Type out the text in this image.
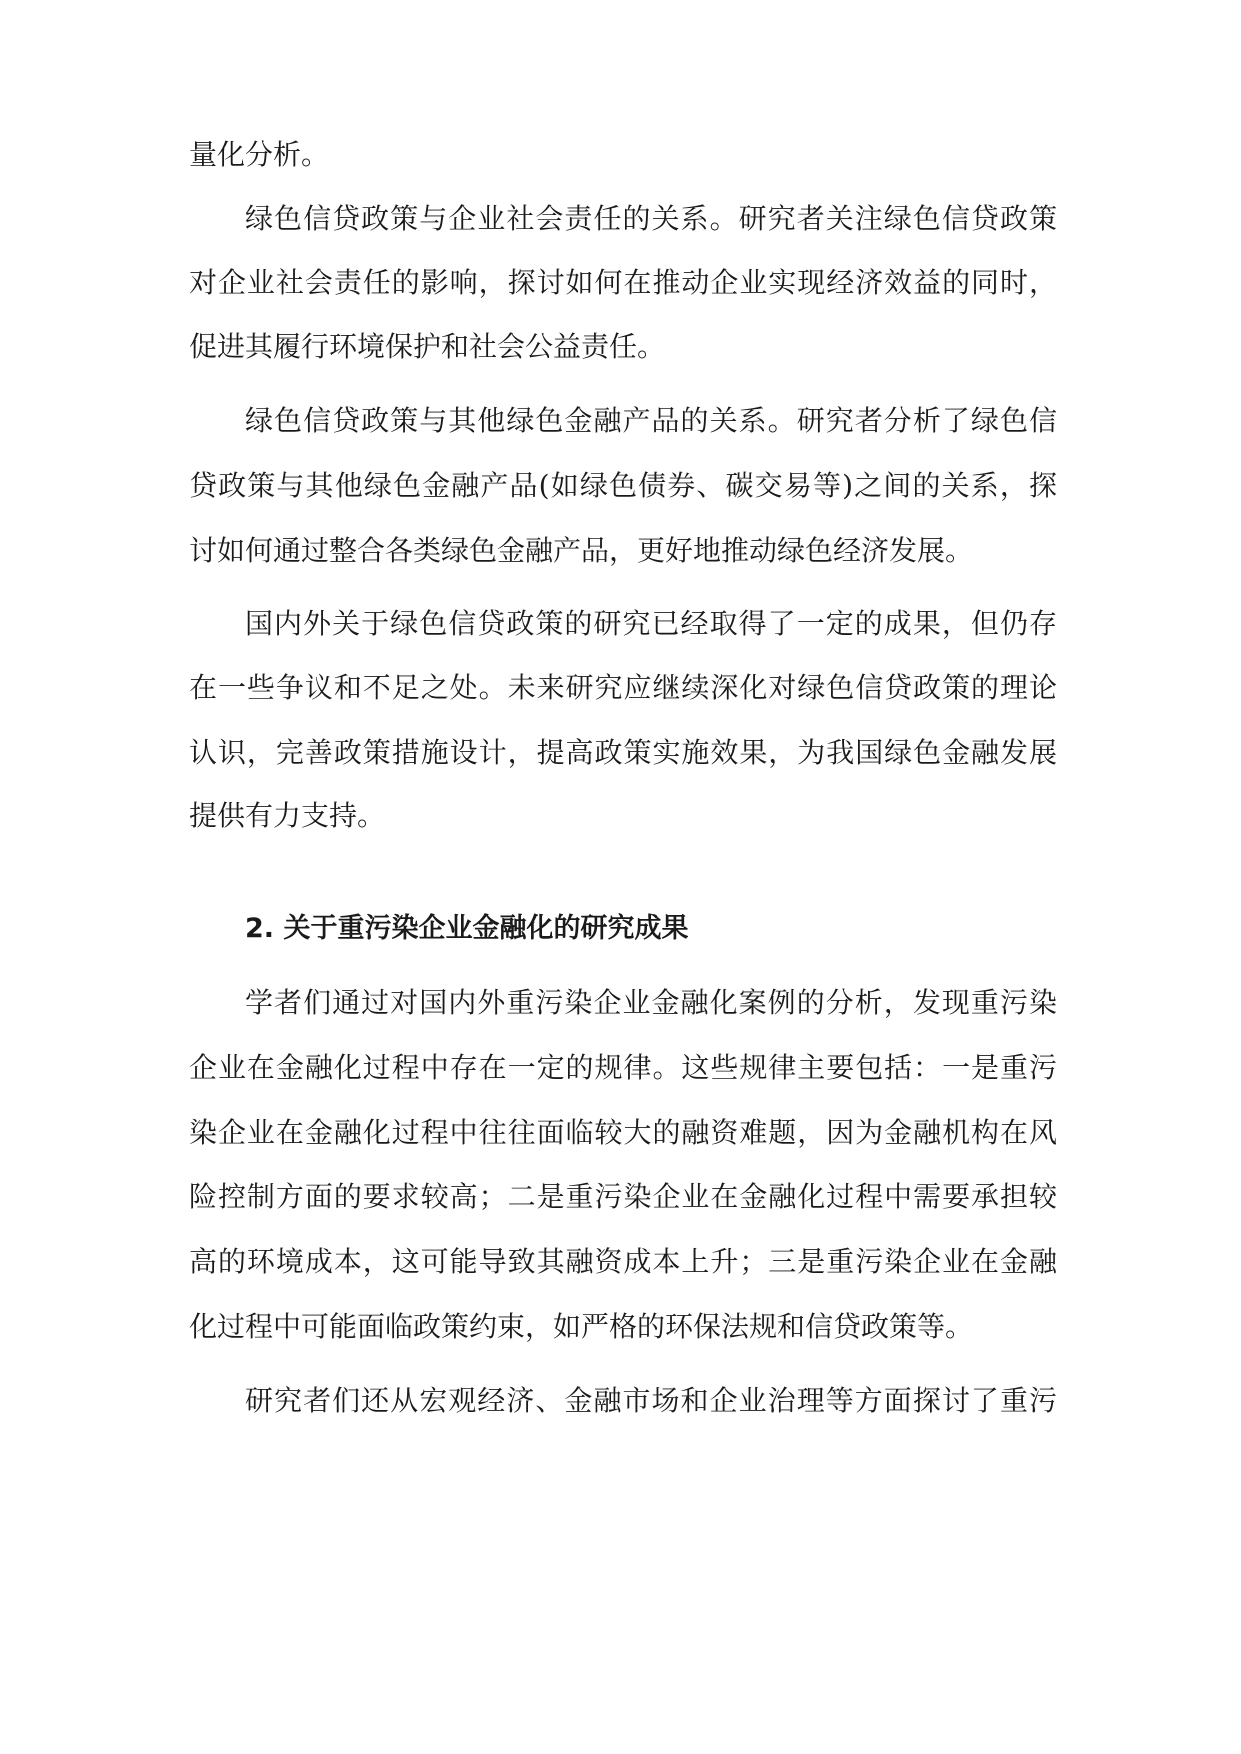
量化分析。
绿色信贷政策与企业社会责任的关系。研究者关注绿色信贷政策
对企业社会责任的影响，探讨如何在推动企业实现经济效益的同时，
促进其履行环境保护和社会公益责任。
绿色信贷政策与其他绿色金融产品的关系。研究者分析了绿色信
贷政策与其他绿色金融产品(如绿色债券、碳交易等)之间的关系，探
讨如何通过整合各类绿色金融产品，更好地推动绿色经济发展。
国内外关于绿色信贷政策的研究已经取得了一定的成果，但仍存
在一些争议和不足之处。未来研究应继续深化对绿色信贷政策的理论
认识，完善政策措施设计，提高政策实施效果，为我国绿色金融发展
提供有力支持。
2. 关于重污染企业金融化的研究成果
学者们通过对国内外重污染企业金融化案例的分析，发现重污染
企业在金融化过程中存在一定的规律。这些规律主要包括：一是重污
染企业在金融化过程中往往面临较大的融资难题，因为金融机构在风
险控制方面的要求较高；二是重污染企业在金融化过程中需要承担较
高的环境成本，这可能导致其融资成本上升；三是重污染企业在金融
化过程中可能面临政策约束，如严格的环保法规和信贷政策等。
研究者们还从宏观经济、金融市场和企业治理等方面探讨了重污
